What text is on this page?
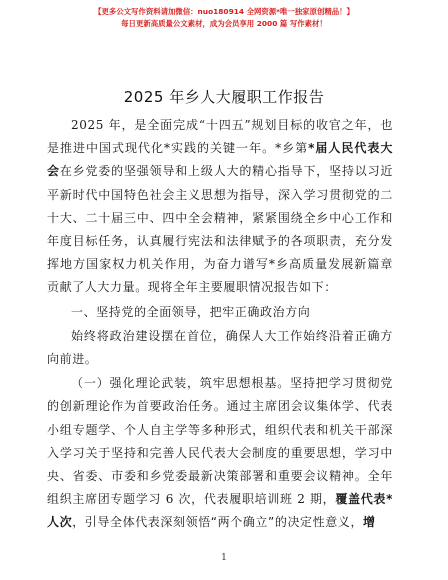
【更多公文写作资料请加微信：nuo180914 全网资源*唯一独家原创精品！】
每日更新高质量公文素材，成为会员享用 2000 篇 写作素材！
2025 年乡人大履职工作报告

2025 年，是全面完成“十四五”规划目标的收官之年，也是推进中国式现代化*实践的关键一年。*乡第*届人民代表大会在乡党委的坚强领导和上级人大的精心指导下，坚持以习近平新时代中国特色社会主义思想为指导，深入学习贯彻党的二十大、二十届三中、四中全会精神，紧紧围绕全乡中心工作和年度目标任务，认真履行宪法和法律赋予的各项职责，充分发挥地方国家权力机关作用，为奋力谱写*乡高质量发展新篇章贡献了人大力量。现将全年主要履职情况报告如下：

一、坚持党的全面领导，把牢正确政治方向

始终将政治建设摆在首位，确保人大工作始终沿着正确方向前进。

（一）强化理论武装，筑牢思想根基。坚持把学习贯彻党的创新理论作为首要政治任务。通过主席团会议集体学、代表小组专题学、个人自主学等多种形式，组织代表和机关干部深入学习关于坚持和完善人民代表大会制度的重要思想，学习中央、省委、市委和乡党委最新决策部署和重要会议精神。全年组织主席团专题学习 6 次，代表履职培训班 2 期，覆盖代表*人次，引导全体代表深刻领悟“两个确立”的决定性意义，增

1
